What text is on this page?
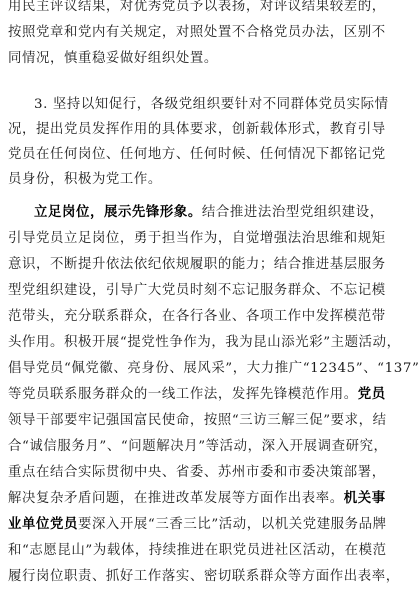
用民主评议结果，对优秀党员予以表扬，对评议结果较差的，
按照党章和党内有关规定，对照处置不合格党员办法，区别不
同情况，慎重稳妥做好组织处置。
3. 坚持以知促行，各级党组织要针对不同群体党员实际情
况，提出党员发挥作用的具体要求，创新载体形式，教育引导
党员在任何岗位、任何地方、任何时候、任何情况下都铭记党
员身份，积极为党工作。
立足岗位，展示先锋形象。结合推进法治型党组织建设，
引导党员立足岗位，勇于担当作为，自觉增强法治思维和规矩
意识，不断提升依法依纪依规履职的能力；结合推进基层服务
型党组织建设，引导广大党员时刻不忘记服务群众、不忘记模
范带头，充分联系群众，在各行各业、各项工作中发挥模范带
头作用。积极开展“提党性争作为，我为昆山添光彩”主题活动，
倡导党员“佩党徽、亮身份、展风采”，大力推广“12345”、“137”
等党员联系服务群众的一线工作法，发挥先锋模范作用。党员
领导干部要牢记强国富民使命，按照“三访三解三促”要求，结
合“诚信服务月”、“问题解决月”等活动，深入开展调查研究，
重点在结合实际贯彻中央、省委、苏州市委和市委决策部署，
解决复杂矛盾问题，在推进改革发展等方面作出表率。机关事
业单位党员要深入开展“三香三比”活动，以机关党建服务品牌
和“志愿昆山”为载体，持续推进在职党员进社区活动，在模范
履行岗位职责、抓好工作落实、密切联系群众等方面作出表率，
